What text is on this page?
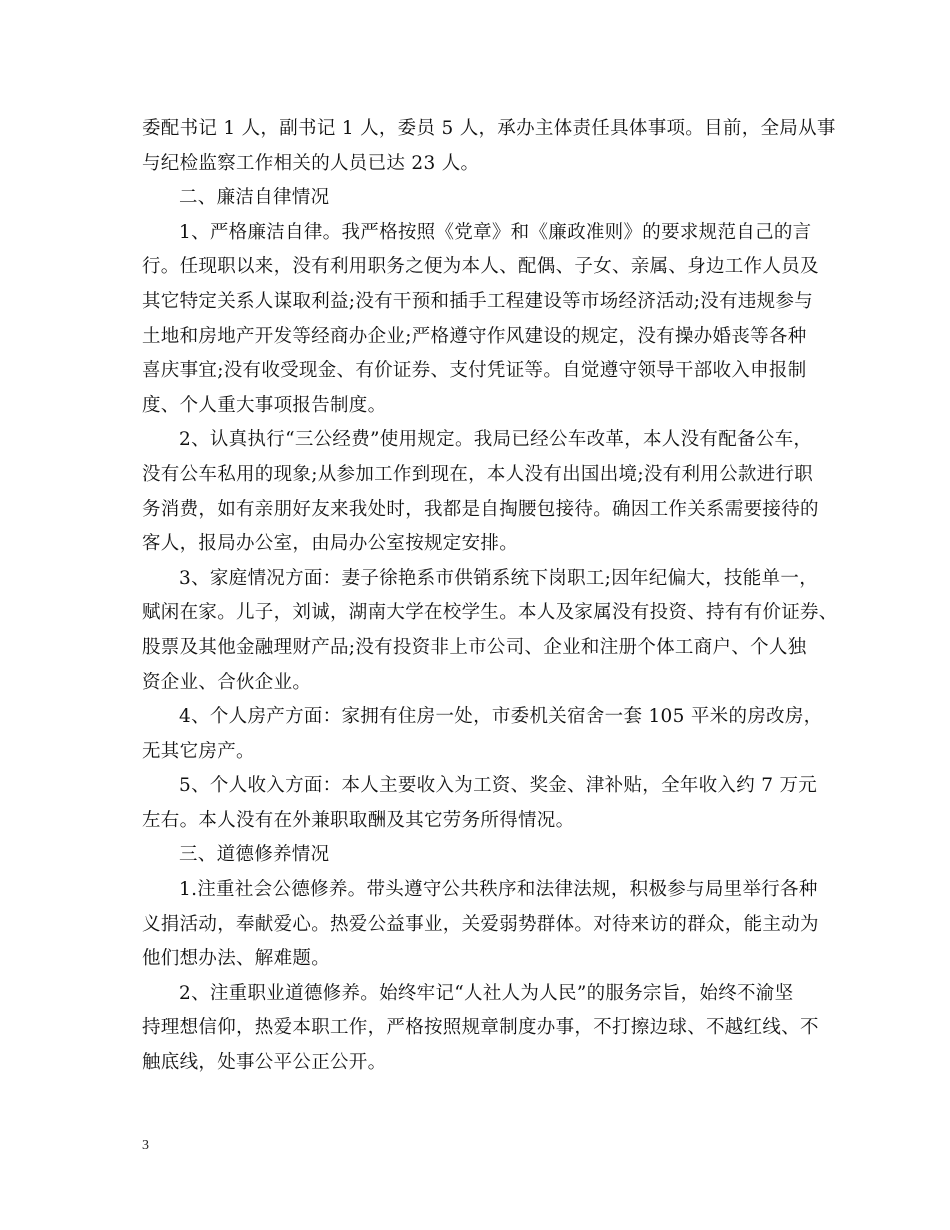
委配书记 1 人，副书记 1 人，委员 5 人，承办主体责任具体事项。目前，全局从事
与纪检监察工作相关的人员已达 23 人。
二、廉洁自律情况
1、严格廉洁自律。我严格按照《党章》和《廉政准则》的要求规范自己的言
行。任现职以来，没有利用职务之便为本人、配偶、子女、亲属、身边工作人员及
其它特定关系人谋取利益;没有干预和插手工程建设等市场经济活动;没有违规参与
土地和房地产开发等经商办企业;严格遵守作风建设的规定，没有操办婚丧等各种
喜庆事宜;没有收受现金、有价证券、支付凭证等。自觉遵守领导干部收入申报制
度、个人重大事项报告制度。
2、认真执行“三公经费”使用规定。我局已经公车改革，本人没有配备公车，
没有公车私用的现象;从参加工作到现在，本人没有出国出境;没有利用公款进行职
务消费，如有亲朋好友来我处时，我都是自掏腰包接待。确因工作关系需要接待的
客人，报局办公室，由局办公室按规定安排。
3、家庭情况方面：妻子徐艳系市供销系统下岗职工;因年纪偏大，技能单一，
赋闲在家。儿子，刘诚，湖南大学在校学生。本人及家属没有投资、持有有价证券、
股票及其他金融理财产品;没有投资非上市公司、企业和注册个体工商户、个人独
资企业、合伙企业。
4、个人房产方面：家拥有住房一处，市委机关宿舍一套 105 平米的房改房，
无其它房产。
5、个人收入方面：本人主要收入为工资、奖金、津补贴，全年收入约 7 万元
左右。本人没有在外兼职取酬及其它劳务所得情况。
三、道德修养情况
1.注重社会公德修养。带头遵守公共秩序和法律法规，积极参与局里举行各种
义捐活动，奉献爱心。热爱公益事业，关爱弱势群体。对待来访的群众，能主动为
他们想办法、解难题。
2、注重职业道德修养。始终牢记“人社人为人民”的服务宗旨，始终不渝坚
持理想信仰，热爱本职工作，严格按照规章制度办事，不打擦边球、不越红线、不
触底线，处事公平公正公开。
3
